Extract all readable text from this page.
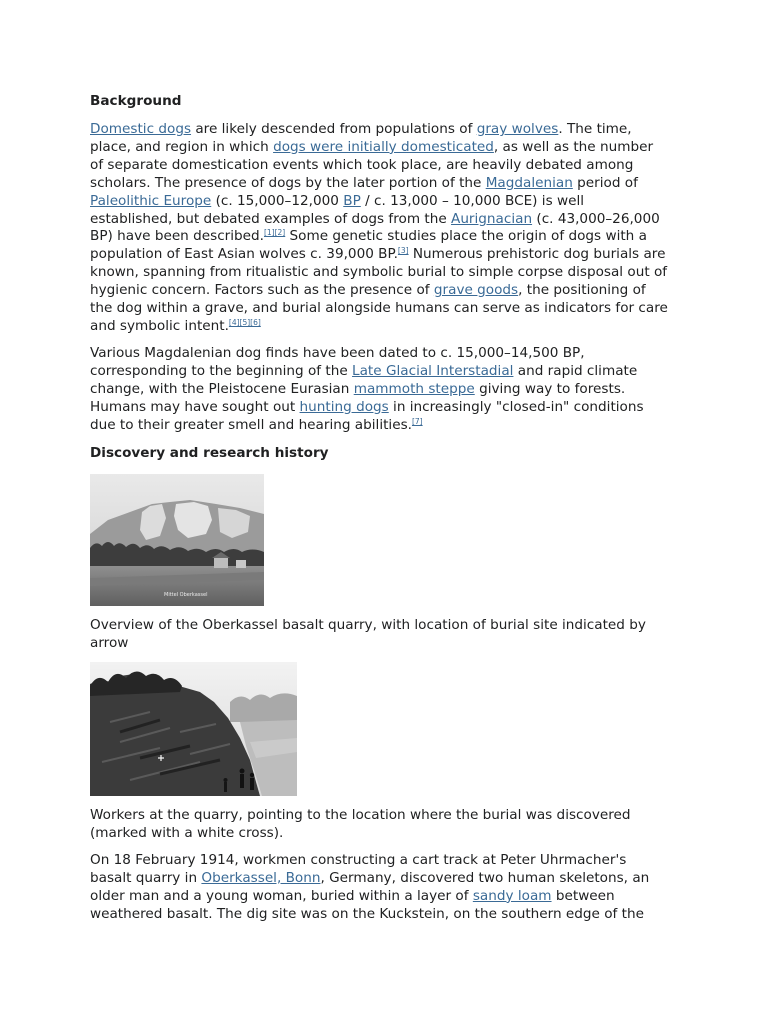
Background

Domestic dogs are likely descended from populations of gray wolves. The time, place, and region in which dogs were initially domesticated, as well as the number of separate domestication events which took place, are heavily debated among scholars. The presence of dogs by the later portion of the Magdalenian period of Paleolithic Europe (c. 15,000–12,000 BP / c. 13,000 – 10,000 BCE) is well established, but debated examples of dogs from the Aurignacian (c. 43,000–26,000 BP) have been described.[1][2] Some genetic studies place the origin of dogs with a population of East Asian wolves c. 39,000 BP.[3] Numerous prehistoric dog burials are known, spanning from ritualistic and symbolic burial to simple corpse disposal out of hygienic concern. Factors such as the presence of grave goods, the positioning of the dog within a grave, and burial alongside humans can serve as indicators for care and symbolic intent.[4][5][6]

Various Magdalenian dog finds have been dated to c. 15,000–14,500 BP, corresponding to the beginning of the Late Glacial Interstadial and rapid climate change, with the Pleistocene Eurasian mammoth steppe giving way to forests. Humans may have sought out hunting dogs in increasingly "closed-in" conditions due to their greater smell and hearing abilities.[7]

Discovery and research history
Mittel Oberkassel

Overview of the Oberkassel basalt quarry, with location of burial site indicated by arrow

Workers at the quarry, pointing to the location where the burial was discovered (marked with a white cross).

On 18 February 1914, workmen constructing a cart track at Peter Uhrmacher's basalt quarry in Oberkassel, Bonn, Germany, discovered two human skeletons, an older man and a young woman, buried within a layer of sandy loam between weathered basalt. The dig site was on the Kuckstein, on the southern edge of the
